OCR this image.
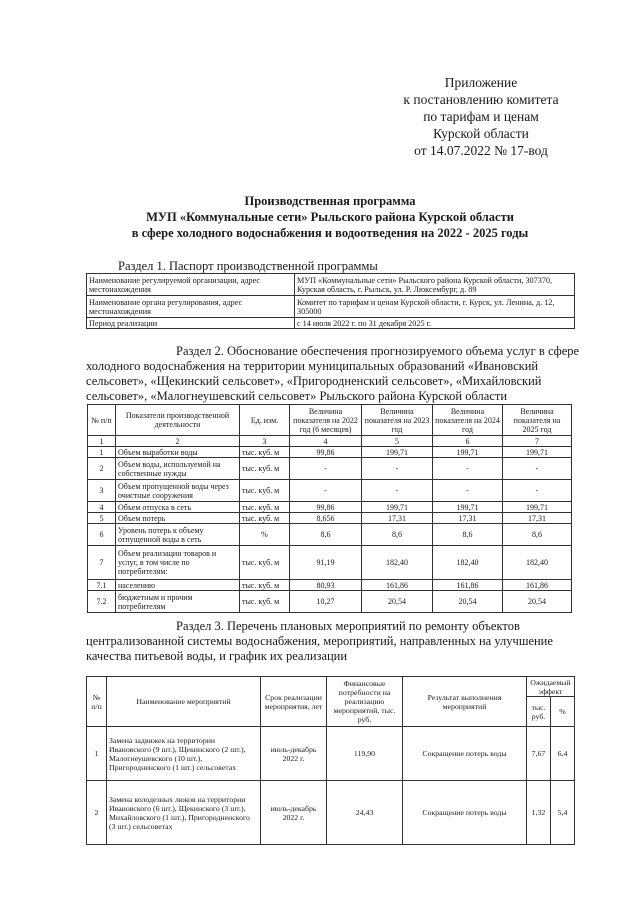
Приложение
к постановлению комитета
по тарифам и ценам
Курской области
от 14.07.2022 № 17-вод
Производственная программа
МУП «Коммунальные сети» Рыльского района Курской области
в сфере холодного водоснабжения и водоотведения на 2022 - 2025 годы
Раздел 1. Паспорт производственной программы
Наименование регулируемой организации, адрес местонахождения	МУП «Коммунальные сети» Рыльского района Курской области, 307370, Курская область, г. Рыльск, ул. Р. Люксембург, д. 89
Наименование органа регулирования, адрес местонахождения	Комитет по тарифам и ценам Курской области, г. Курск, ул. Ленина, д. 12, 305000
Период реализации	с 14 июля 2022 г. по 31 декабря 2025 г.
Раздел 2. Обоснование обеспечения прогнозируемого объема услуг в сфере
холодного водоснабжения на территории муниципальных образований «Ивановский
сельсовет», «Щекинский сельсовет», «Пригородненский сельсовет», «Михайловский
сельсовет», «Малогнеушевский сельсовет» Рыльского района Курской области
№ п/п	Показатели производственной деятельности	Ед. изм.	Величина показателя на 2022 год (6 месяцев)	Величина показателя на 2023 год	Величина показателя на 2024 год	Величина показателя на 2025 год
1	2	3	4	5	6	7
1	Объем выработки воды	тыс. куб. м	99,86	199,71	199,71	199,71
2	Объем воды, используемой на собственные нужды	тыс. куб. м	-	-	-	-
3	Объем пропущенной воды через очистные сооружения	тыс. куб. м	-	-	-	-
4	Объем отпуска в сеть	тыс. куб. м	99,86	199,71	199,71	199,71
5	Объем потерь	тыс. куб. м	8,656	17,31	17,31	17,31
6	Уровень потерь к объему отпущенной воды в сеть	%	8,6	8,6	8,6	8,6
7	Объем реализации товаров и услуг, в том числе по потребителям:	тыс. куб. м	91,19	182,40	182,40	182,40
7.1	населению	тыс. куб. м	80,93	161,86	161,86	161,86
7.2	бюджетным и прочим потребителям	тыс. куб. м	10,27	20,54	20,54	20,54
Раздел 3. Перечень плановых мероприятий по ремонту объектов
централизованной системы водоснабжения, мероприятий, направленных на улучшение
качества питьевой воды, и график их реализации
№ п/п	Наименование мероприятий	Срок реализации мероприятия, лет	Финансовые потребности на реализацию мероприятий, тыс. руб.	Результат выполнения мероприятий	Ожидаемый эффект	
					тыс. руб.	%
1	Замена задвижек на территории Ивановского (9 шт.), Щекинского (2 шт.), Малогнеушевского (10 шт.), Пригородненского (1 шт.) сельсоветах	июль-декабрь 2022 г.	119,90	Сокращение потерь воды	7,67	6,4
2	Замена колодезных люков на территории Ивановского (6 шт.), Щекинского (3 шт.), Михайловского (1 шт.), Пригородненского (3 шт.) сельсоветах	июль-декабрь 2022 г.	24,43	Сокращение потерь воды	1,32	5,4
